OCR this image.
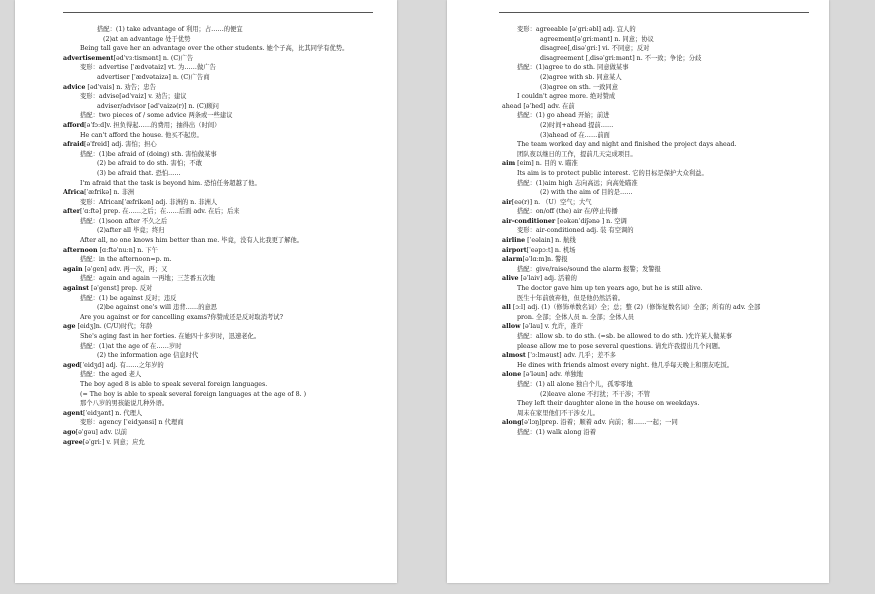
搭配：(1) take advantage of 利用；占……的便宜
(2)at an advantage 处于优势
Being tall gave her an advantage over the other students. 她个子高，比其同学有优势。
advertisement[ədˈvɜːtismənt] n. (C)广告
变形：advertise [ˈædvətaiz] vt. 为……做广告
advertiser [ˈædvətaizə] n. (C)广告商
advice [ədˈvais] n. 劝告；忠告
变形：advise[ədˈvaiz] v. 劝告；建议
adviser/advisor [ədˈvaizə(r)] n. (C)顾问
搭配：two pieces of / some advice 两条或一些建议
afford[əˈfɔːd]v. 担负得起……的费用；抽得出（时间）
He can't afford the house. 他买不起房。
afraid[əˈfreid] adj. 害怕；担心
搭配：(1)be afraid of (doing) sth. 害怕做某事
(2) be afraid to do sth. 害怕；不敢
(3) be afraid that. 恐怕……
I'm afraid that the task is beyond him. 恐怕任务超越了他。
Africa[ˈæfrikə] n. 非洲
变形：African[ˈæfrikən] adj. 非洲的 n. 非洲人
after[ˈɑːftə] prep. 在……之后；在……后面 adv. 在后；后来
搭配：(1)soon after 不久之后
(2)after all 毕竟；终归
After all, no one knows him better than me. 毕竟，没有人比我更了解他。
afternoon [ɑːftəˈnuːn] n. 下午
搭配：in the afternoon=p. m.
again [əˈgen] adv. 再一次，再；又
搭配：again and again 一再地；三芝番五次地
against [əˈgenst] prep. 反对
搭配：(1) be against 反对；违反
(2)be against one's will 违背……的意思
Are you against or for cancelling exams?你赞成还是反对取消考试?
age [eidʒ]n. (C/U)时代；年龄
She's aging fast in her forties. 在她四十多岁时，迅速老化。
搭配：(1)at the age of 在……岁时
(2) the information age 信息时代
aged[ˈeidʒd] adj. 有……之年岁的
搭配：the aged 老人
The boy aged 8 is able to speak several foreign languages.
(= The boy is able to speak several foreign languages at the age of 8. )
那个八岁的男孩能说几种外语。
agent[ˈeidʒənt] n. 代理人
变形：agency [ˈeidʒənsi] n 代理商
ago[əˈgəu] adv. 以前
agree[əˈgriː] v. 同意；应允
变形：agreeable [əˈgriːəbl] adj. 宜人的
agreement[əˈgriːmənt] n. 同意；协议
disagree[ˌdisəˈgriː] vi. 不同意；反对
disagreement [ˌdisəˈgriːmənt] n. 不一致；争论；分歧
搭配：(1)agree to do sth. 同意做某事
(2)agree with sb. 同意某人
(3)agree on sth. 一致同意
I couldn't agree more. 绝对赞成
ahead [əˈhed] adv. 在前
搭配：(1) go ahead 开始；前进
(2)时间+ahead 提前……
(3)ahead of 在……前面
The team worked day and night and finished the project days ahead.
团队夜以继日的工作，提前几天完成项目。
aim [eim] n. 目的 v. 瞄准
Its aim is to protect public interest. 它的目标是保护大众利益。
搭配：(1)aim high 志向高远；向高处瞄准
(2) with the aim of 目的是……
air[eə(r)] n. （U）空气；大气
搭配：on/off (the) air 在/停止传播
air-conditioner [eəkənˈdiʃənə ] n. 空调
变形：air-conditioned adj. 装 有空调的
airline [ˈeəlain] n. 航线
airport[ˈeəpɔːt] n. 机场
alarm[əˈlɑːm]n. 警报
搭配：give/raise/sound the alarm 报警；发警报
alive [əˈlaiv] adj. 活着的
The doctor gave him up ten years ago, but he is still alive.
医生十年前放弃他，但是他仍然活着。
all [ɔːl] adj. (1)（修饰单数名词）全；总；整 (2)（修饰复数名词）全部；所有的 adv. 全部
pron. 全部；全体人员 n. 全部；全体人员
allow [əˈlau] v. 允许，准许
搭配：allow sb. to do sth. (=sb. be allowed to do sth. )允许某人做某事
please allow me to pose several questions. 请允许我提出几个问题。
almost [ˈɔːlməust] adv. 几乎；差不多
He dines with friends almost every night. 他几乎每天晚上和朋友吃饭。
alone [əˈləun] adv. 单独地
搭配：(1) all alone 独自个儿，孤零零地
(2)leave alone 不打扰；不干涉；不管
They left their daughter alone in the house on weekdays.
周末在家里他们不干涉女儿。
along[əˈlɔŋ]prep. 沿着；顺着 adv. 向前；和……一起；一同
搭配：(1) walk along 沿着
